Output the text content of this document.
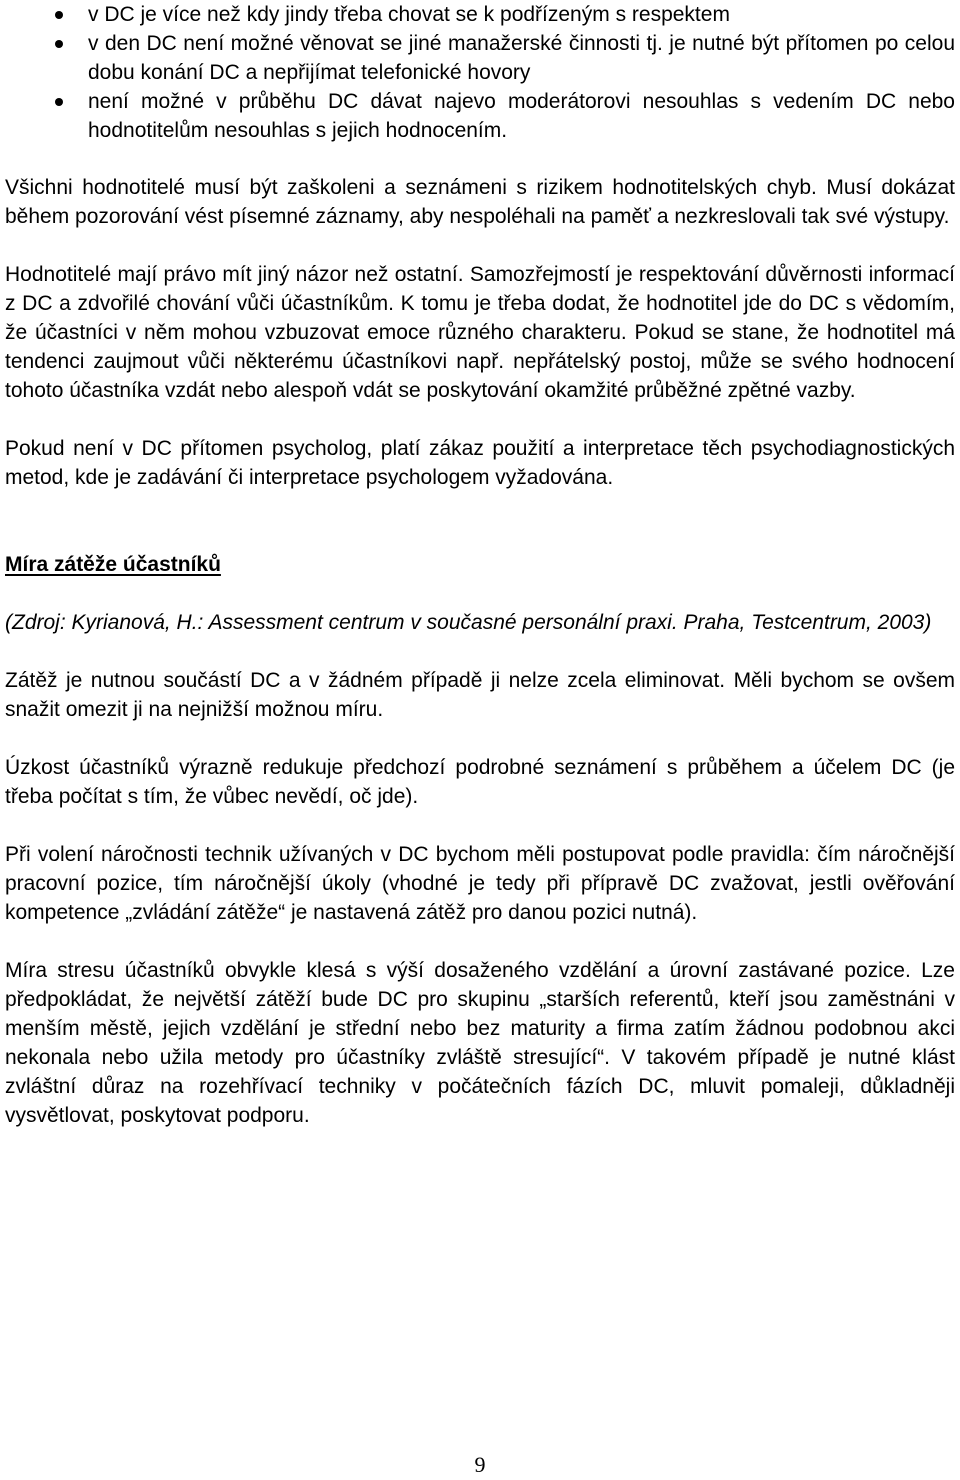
v DC je více než kdy jindy třeba chovat se k podřízeným s respektem
v den DC není možné věnovat se jiné manažerské činnosti tj. je nutné být přítomen po celou dobu konání DC a nepřijímat telefonické hovory
není možné v průběhu DC dávat najevo moderátorovi nesouhlas s vedením DC nebo hodnotitelům nesouhlas s jejich hodnocením.

Všichni hodnotitelé musí být zaškoleni a seznámeni s rizikem hodnotitelských chyb. Musí dokázat během pozorování vést písemné záznamy, aby nespoléhali na paměť a nezkreslovali tak své výstupy.

Hodnotitelé mají právo mít jiný názor než ostatní. Samozřejmostí je respektování důvěrnosti informací z DC a zdvořilé chování vůči účastníkům. K tomu je třeba dodat, že hodnotitel jde do DC s vědomím, že účastníci v něm mohou vzbuzovat emoce různého charakteru. Pokud se stane, že hodnotitel má tendenci zaujmout vůči některému účastníkovi např. nepřátelský postoj, může se svého hodnocení tohoto účastníka vzdát nebo alespoň vdát se poskytování okamžité průběžné zpětné vazby.

Pokud není v DC přítomen psycholog, platí zákaz použití a interpretace těch psychodiagnostických metod, kde je zadávání či interpretace psychologem vyžadována.

Míra zátěže účastníků

(Zdroj: Kyrianová, H.: Assessment centrum v současné personální praxi. Praha, Testcentrum, 2003)

Zátěž je nutnou součástí DC a v žádném případě ji nelze zcela eliminovat. Měli bychom se ovšem snažit omezit ji na nejnižší možnou míru.

Úzkost účastníků výrazně redukuje předchozí podrobné seznámení s průběhem a účelem DC (je třeba počítat s tím, že vůbec nevědí, oč jde).

Při volení náročnosti technik užívaných v DC bychom měli postupovat podle pravidla: čím náročnější pracovní pozice, tím náročnější úkoly (vhodné je tedy při přípravě DC zvažovat, jestli ověřování kompetence „zvládání zátěže“ je nastavená zátěž pro danou pozici nutná).

Míra stresu účastníků obvykle klesá s výší dosaženého vzdělání a úrovní zastávané pozice. Lze předpokládat, že největší zátěží bude DC pro skupinu „starších referentů, kteří jsou zaměstnáni v menším městě, jejich vzdělání je střední nebo bez maturity a firma zatím žádnou podobnou akci nekonala nebo užila metody pro účastníky zvláště stresující“. V takovém případě je nutné klást zvláštní důraz na rozehřívací techniky v počátečních fázích DC, mluvit pomaleji, důkladněji vysvětlovat, poskytovat podporu.

9
